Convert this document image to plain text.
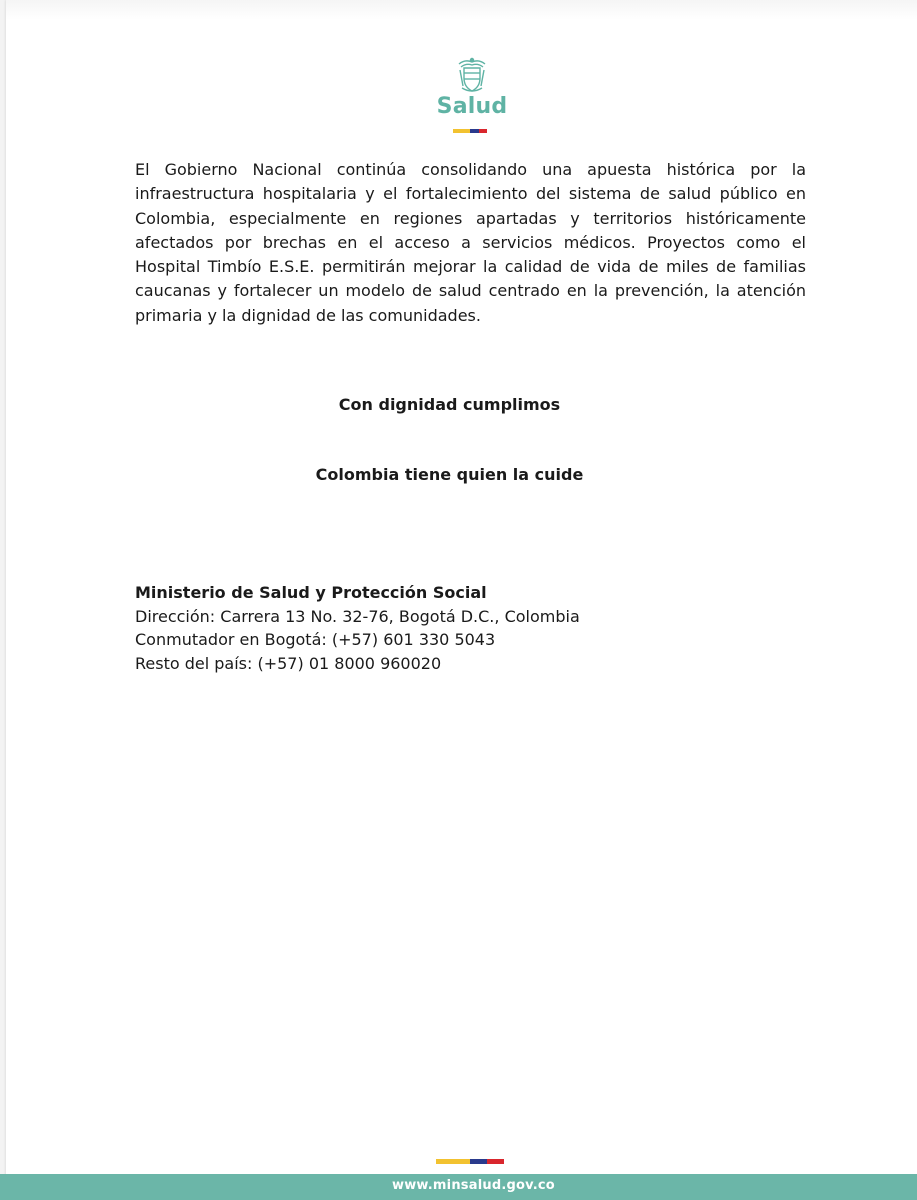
Salud

El Gobierno Nacional continúa consolidando una apuesta histórica por la infraestructura hospitalaria y el fortalecimiento del sistema de salud público en Colombia, especialmente en regiones apartadas y territorios históricamente afectados por brechas en el acceso a servicios médicos. Proyectos como el Hospital Timbío E.S.E. permitirán mejorar la calidad de vida de miles de familias caucanas y fortalecer un modelo de salud centrado en la prevención, la atención primaria y la dignidad de las comunidades.

Con dignidad cumplimos
Colombia tiene quien la cuide
Ministerio de Salud y Protección Social
Dirección: Carrera 13 No. 32-76, Bogotá D.C., Colombia
Conmutador en Bogotá: (+57) 601 330 5043
Resto del país: (+57) 01 8000 960020
www.minsalud.gov.co
